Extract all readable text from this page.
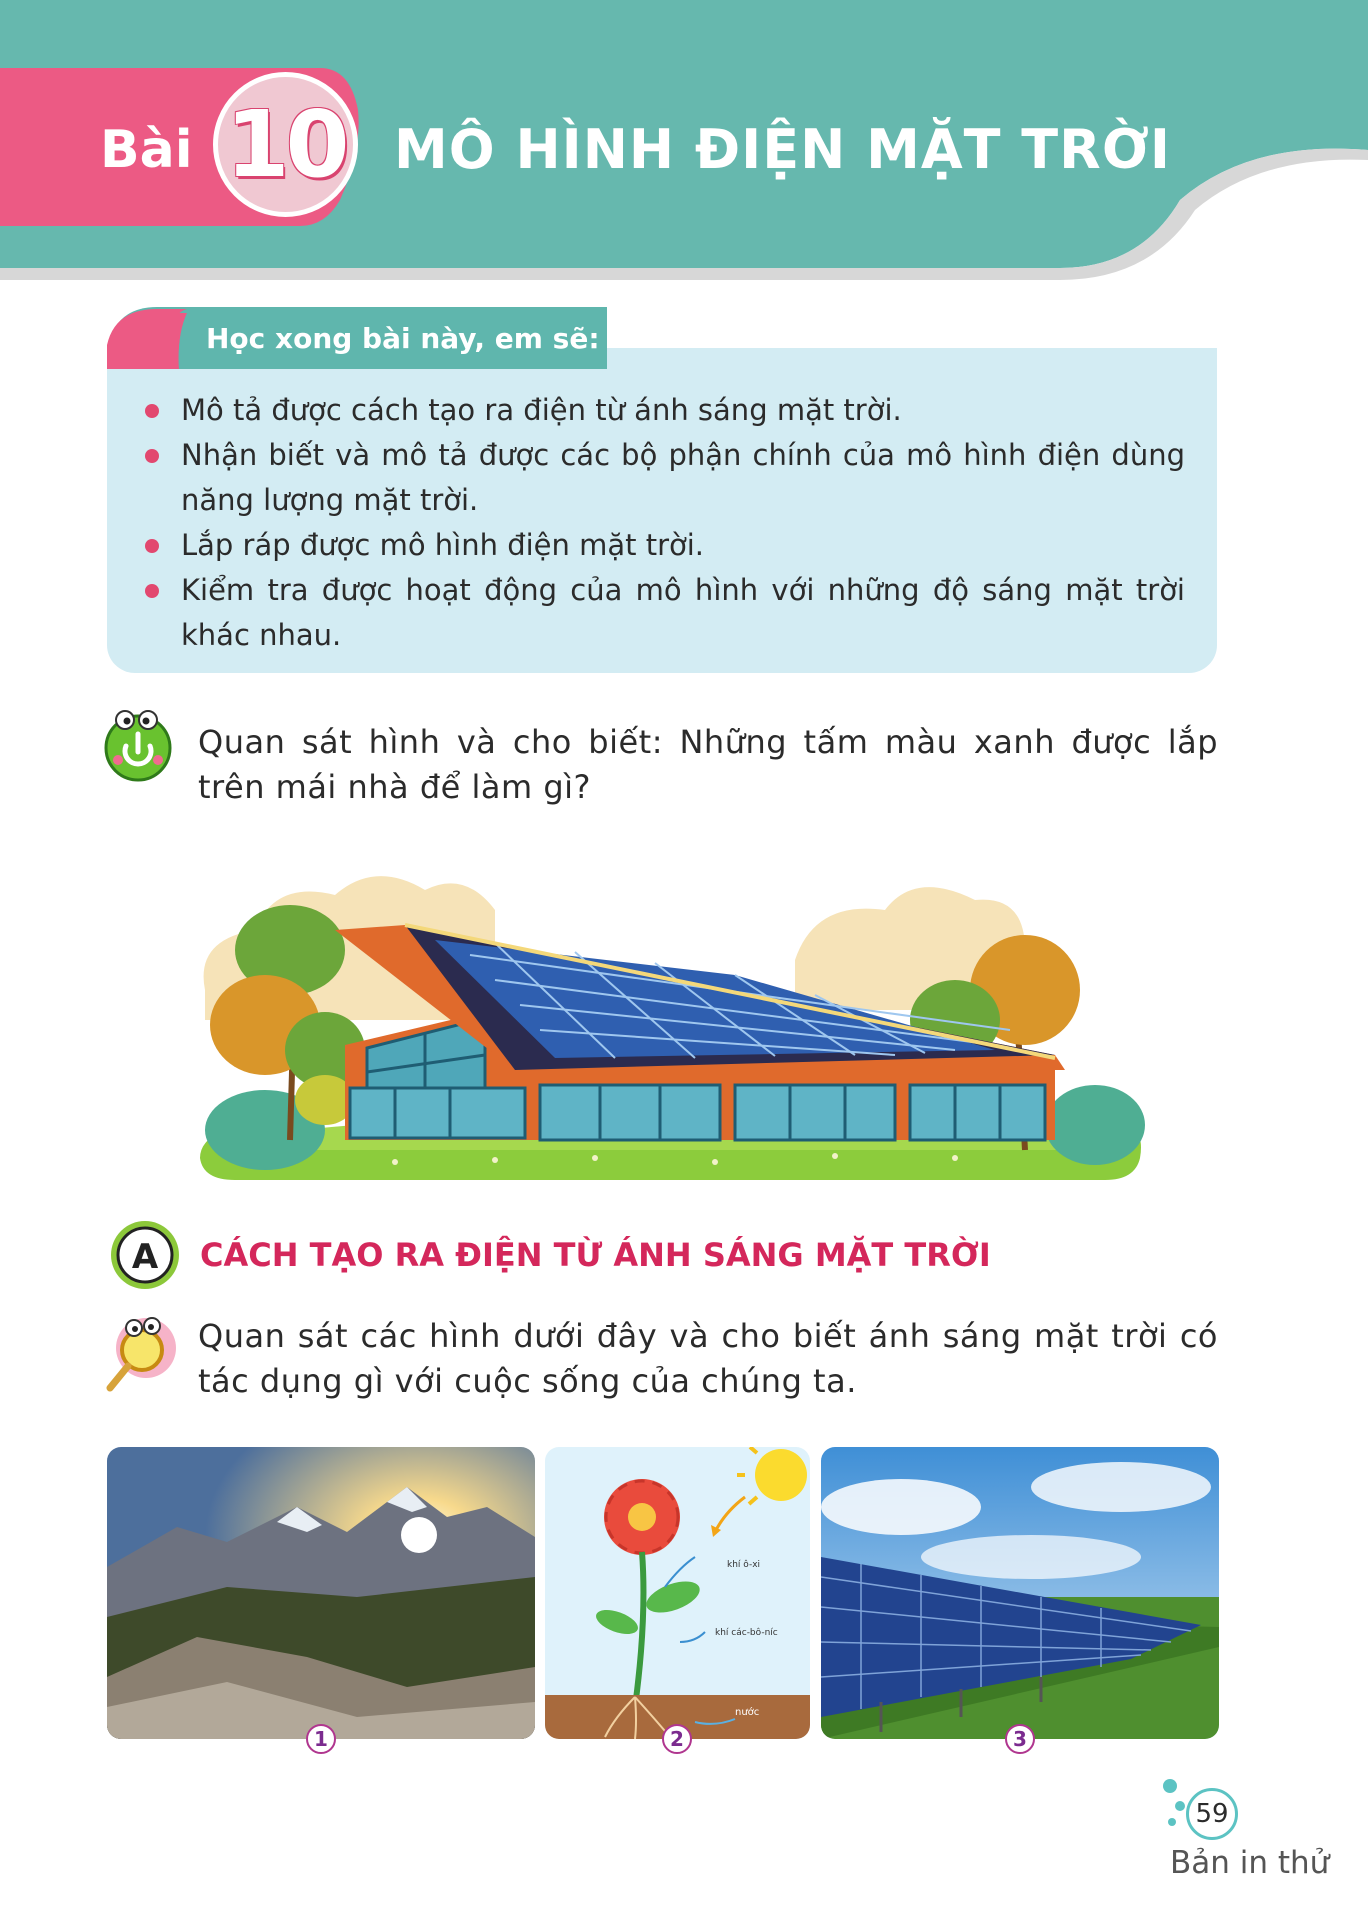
Bài 10 MÔ HÌNH ĐIỆN MẶT TRỜI
Học xong bài này, em sẽ:
Mô tả được cách tạo ra điện từ ánh sáng mặt trời.
Nhận biết và mô tả được các bộ phận chính của mô hình điện dùng năng lượng mặt trời.
Lắp ráp được mô hình điện mặt trời.
Kiểm tra được hoạt động của mô hình với những độ sáng mặt trời khác nhau.
Quan sát hình và cho biết: Những tấm màu xanh được lắp trên mái nhà để làm gì?
A CÁCH TẠO RA ĐIỆN TỪ ÁNH SÁNG MẶT TRỜI
Quan sát các hình dưới đây và cho biết ánh sáng mặt trời có tác dụng gì với cuộc sống của chúng ta.
khí ô-xi
khí các-bô-níc
nước
1	2	3
59
Bản in thử
